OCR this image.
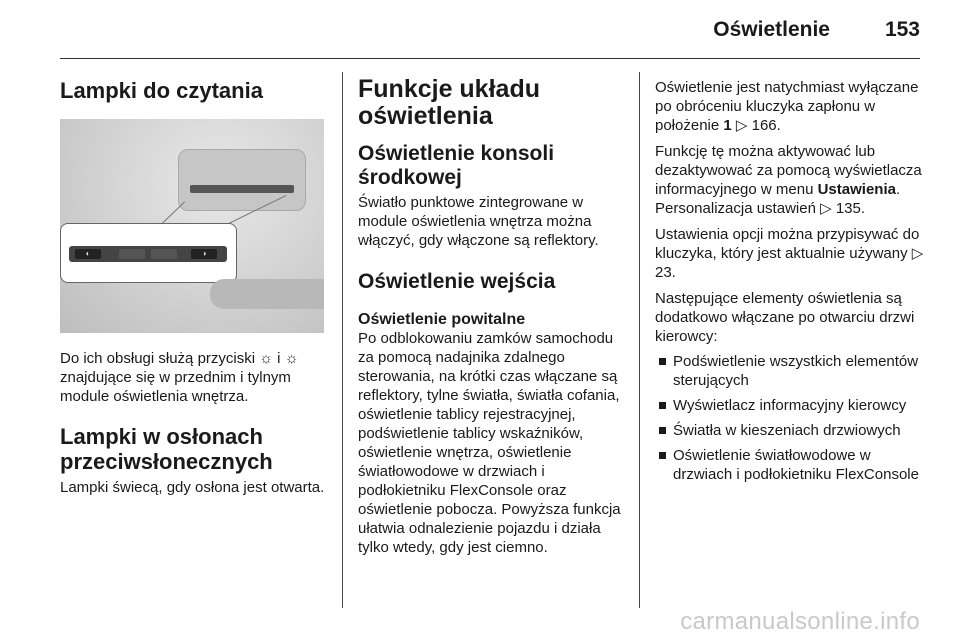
Oświetlenie	153
Lampki do czytania
◐	◑

Do ich obsługi służą przyciski ☼ i ☼ znajdujące się w przednim i tylnym module oświetlenia wnętrza.

Lampki w osłonach przeciwsłonecznych

Lampki świecą, gdy osłona jest otwarta.

Funkcje układu oświetlenia
Oświetlenie konsoli środkowej

Światło punktowe zintegrowane w module oświetlenia wnętrza można włączyć, gdy włączone są reflektory.

Oświetlenie wejścia
Oświetlenie powitalne

Po odblokowaniu zamków samochodu za pomocą nadajnika zdalnego sterowania, na krótki czas włączane są reflektory, tylne światła, światła cofania, oświetlenie tablicy rejestracyjnej, podświetlenie tablicy wskaźników, oświetlenie wnętrza, oświetlenie światłowodowe w drzwiach i podłokietniku FlexConsole oraz oświetlenie pobocza. Powyższa funkcja ułatwia odnalezienie pojazdu i działa tylko wtedy, gdy jest ciemno.

Oświetlenie jest natychmiast wyłączane po obróceniu kluczyka zapłonu w położenie 1 ▷ 166.

Funkcję tę można aktywować lub dezaktywować za pomocą wyświetlacza informacyjnego w menu Ustawienia. Personalizacja ustawień ▷ 135.

Ustawienia opcji można przypisywać do kluczyka, który jest aktualnie używany ▷ 23.

Następujące elementy oświetlenia są dodatkowo włączane po otwarciu drzwi kierowcy:

Podświetlenie wszystkich elementów sterujących
Wyświetlacz informacyjny kierowcy
Światła w kieszeniach drzwiowych
Oświetlenie światłowodowe w drzwiach i podłokietniku FlexConsole
carmanualsonline.info
